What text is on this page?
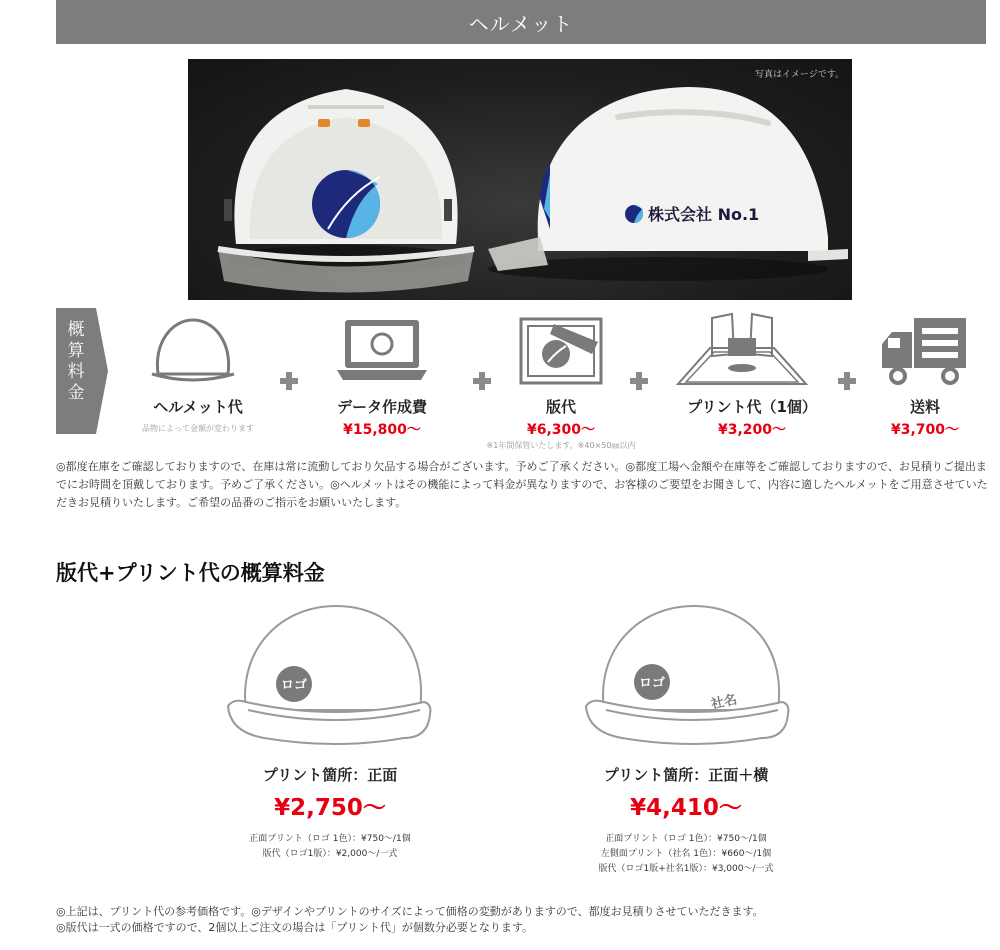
ヘルメット
株式会社 No.1
写真はイメージです。
概算料金
ヘルメット代
品物によって金額が変わります
データ作成費
¥15,800〜
版代
¥6,300〜
※1年間保管いたします。※40×50㎜以内
プリント代（1個）
¥3,200〜
送料
¥3,700〜
◎都度在庫をご確認しておりますので、在庫は常に流動しており欠品する場合がございます。予めご了承ください。◎都度工場へ金額や在庫等をご確認しておりますので、お見積りご提出までにお時間を頂戴しております。予めご了承ください。◎ヘルメットはその機能によって料金が異なりますので、お客様のご要望をお聞きして、内容に適したヘルメットをご用意させていただきお見積りいたします。ご希望の品番のご指示をお願いいたします。
版代+プリント代の概算料金
ロゴ
プリント箇所：正面
¥2,750〜
正面プリント（ロゴ 1色）：¥750〜/1個
版代（ロゴ1版）：¥2,000〜/一式
ロゴ
社名
プリント箇所：正面＋横
¥4,410〜
正面プリント（ロゴ 1色）：¥750〜/1個
左側面プリント（社名 1色）：¥660〜/1個
版代（ロゴ1版+社名1版）：¥3,000〜/一式
◎上記は、プリント代の参考価格です。◎デザインやプリントのサイズによって価格の変動がありますので、都度お見積りさせていただきます。
◎版代は一式の価格ですので、2個以上ご注文の場合は「プリント代」が個数分必要となります。
